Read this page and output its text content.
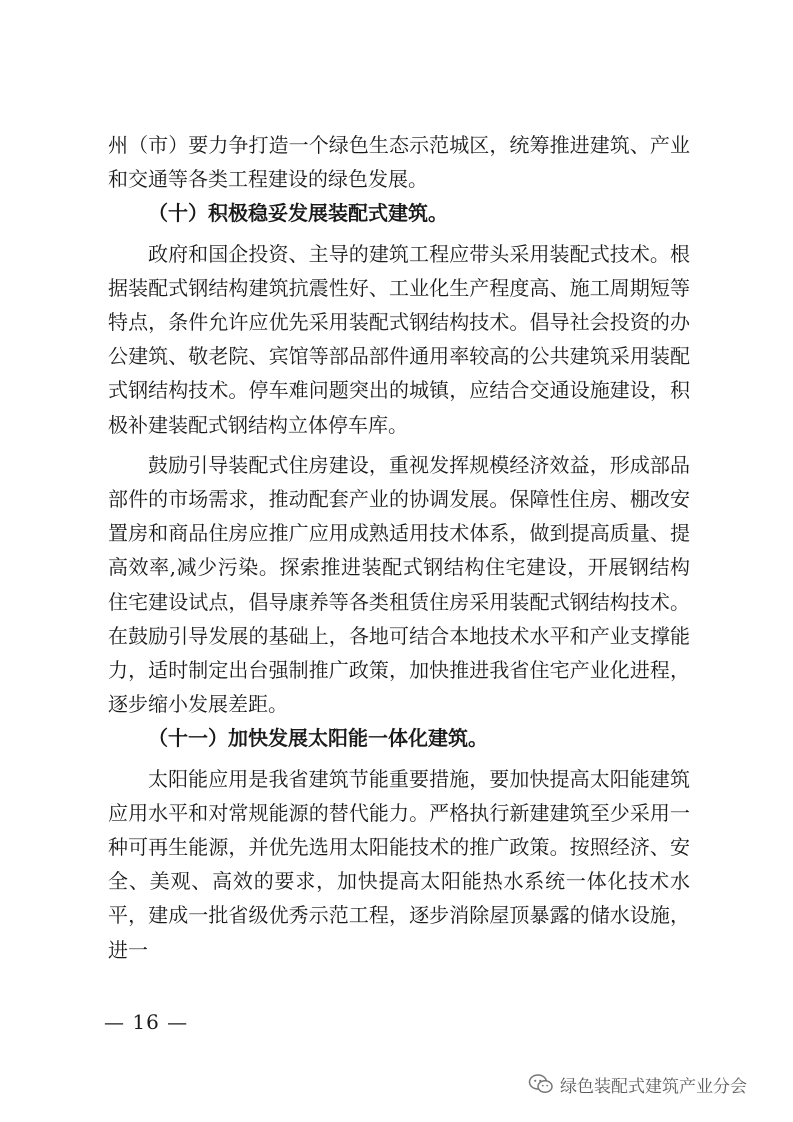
州（市）要力争打造一个绿色生态示范城区，统筹推进建筑、产业和交通等各类工程建设的绿色发展。

（十）积极稳妥发展装配式建筑。

政府和国企投资、主导的建筑工程应带头采用装配式技术。根据装配式钢结构建筑抗震性好、工业化生产程度高、施工周期短等特点，条件允许应优先采用装配式钢结构技术。倡导社会投资的办公建筑、敬老院、宾馆等部品部件通用率较高的公共建筑采用装配式钢结构技术。停车难问题突出的城镇，应结合交通设施建设，积极补建装配式钢结构立体停车库。

鼓励引导装配式住房建设，重视发挥规模经济效益，形成部品部件的市场需求，推动配套产业的协调发展。保障性住房、棚改安置房和商品住房应推广应用成熟适用技术体系，做到提高质量、提高效率,减少污染。探索推进装配式钢结构住宅建设，开展钢结构住宅建设试点，倡导康养等各类租赁住房采用装配式钢结构技术。在鼓励引导发展的基础上，各地可结合本地技术水平和产业支撑能力，适时制定出台强制推广政策，加快推进我省住宅产业化进程，逐步缩小发展差距。

（十一）加快发展太阳能一体化建筑。

太阳能应用是我省建筑节能重要措施，要加快提高太阳能建筑应用水平和对常规能源的替代能力。严格执行新建建筑至少采用一种可再生能源，并优先选用太阳能技术的推广政策。按照经济、安全、美观、高效的要求，加快提高太阳能热水系统一体化技术水平，建成一批省级优秀示范工程，逐步消除屋顶暴露的储水设施，进一

— 16 —
绿色装配式建筑产业分会
